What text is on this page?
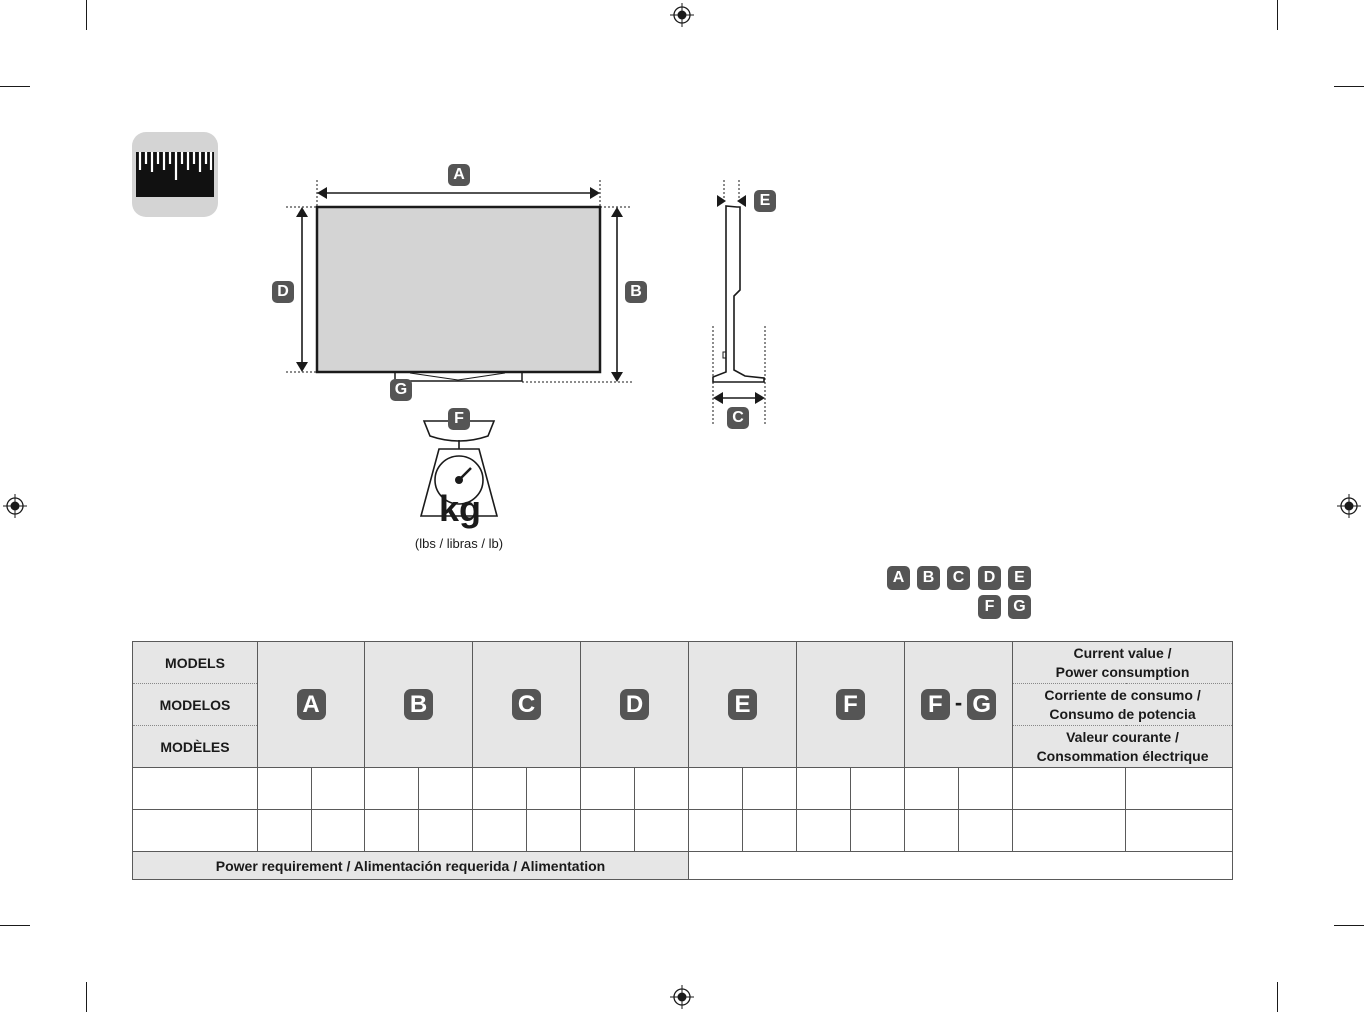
A
D	B
G
F
E
C
kg
(lbs / libras / lb)
A	B	C	D	E
F	G
MODELS	A		B		C		D		E		F		F - G		Current value /
Power consumption	

MODELOS															Corriente de consumo /
Consumo de potencia	

MODÈLES															Valeur courante /
Consommation électrique	

Power requirement / Alimentación requerida / Alimentation																
